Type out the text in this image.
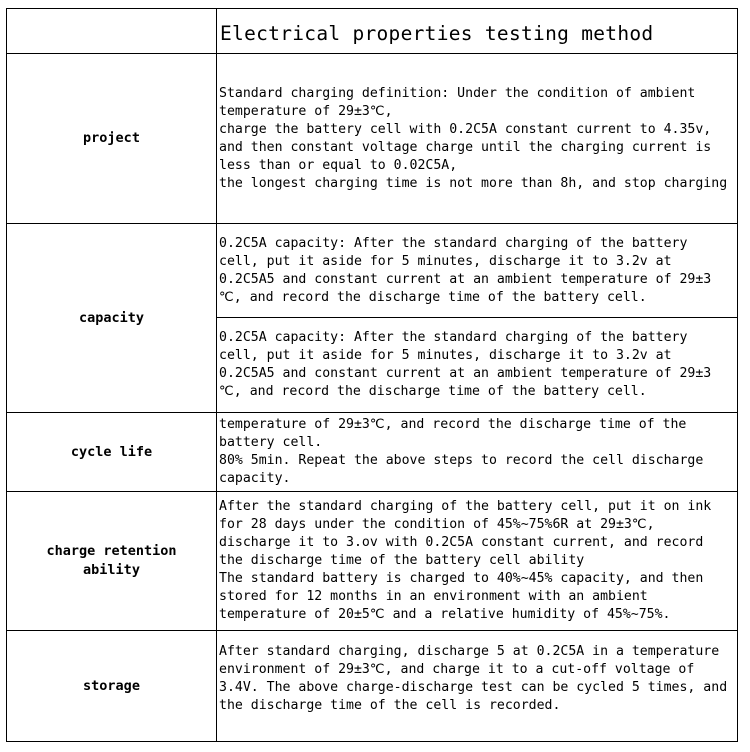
Electrical properties testing method
project

Standard charging definition: Under the condition of ambient

temperature of 29±3℃,

charge the battery cell with 0.2C5A constant current to 4.35v,

and then constant voltage charge until the charging current is

less than or equal to 0.02C5A,

the longest charging time is not more than 8h, and stop charging

capacity

0.2C5A capacity: After the standard charging of the battery

cell, put it aside for 5 minutes, discharge it to 3.2v at

0.2C5A5 and constant current at an ambient temperature of 29±3

℃, and record the discharge time of the battery cell.

0.2C5A capacity: After the standard charging of the battery

cell, put it aside for 5 minutes, discharge it to 3.2v at

0.2C5A5 and constant current at an ambient temperature of 29±3

℃, and record the discharge time of the battery cell.

cycle life

temperature of 29±3℃, and record the discharge time of the

battery cell.

80% 5min. Repeat the above steps to record the cell discharge

capacity.

charge retention ability

After the standard charging of the battery cell, put it on ink

for 28 days under the condition of 45%~75%6R at 29±3℃,

discharge it to 3.ov with 0.2C5A constant current, and record

the discharge time of the battery cell ability

The standard battery is charged to 40%~45% capacity, and then

stored for 12 months in an environment with an ambient

temperature of 20±5℃ and a relative humidity of 45%~75%.

storage

After standard charging, discharge 5 at 0.2C5A in a temperature

environment of 29±3℃, and charge it to a cut-off voltage of

3.4V. The above charge-discharge test can be cycled 5 times, and

the discharge time of the cell is recorded.
